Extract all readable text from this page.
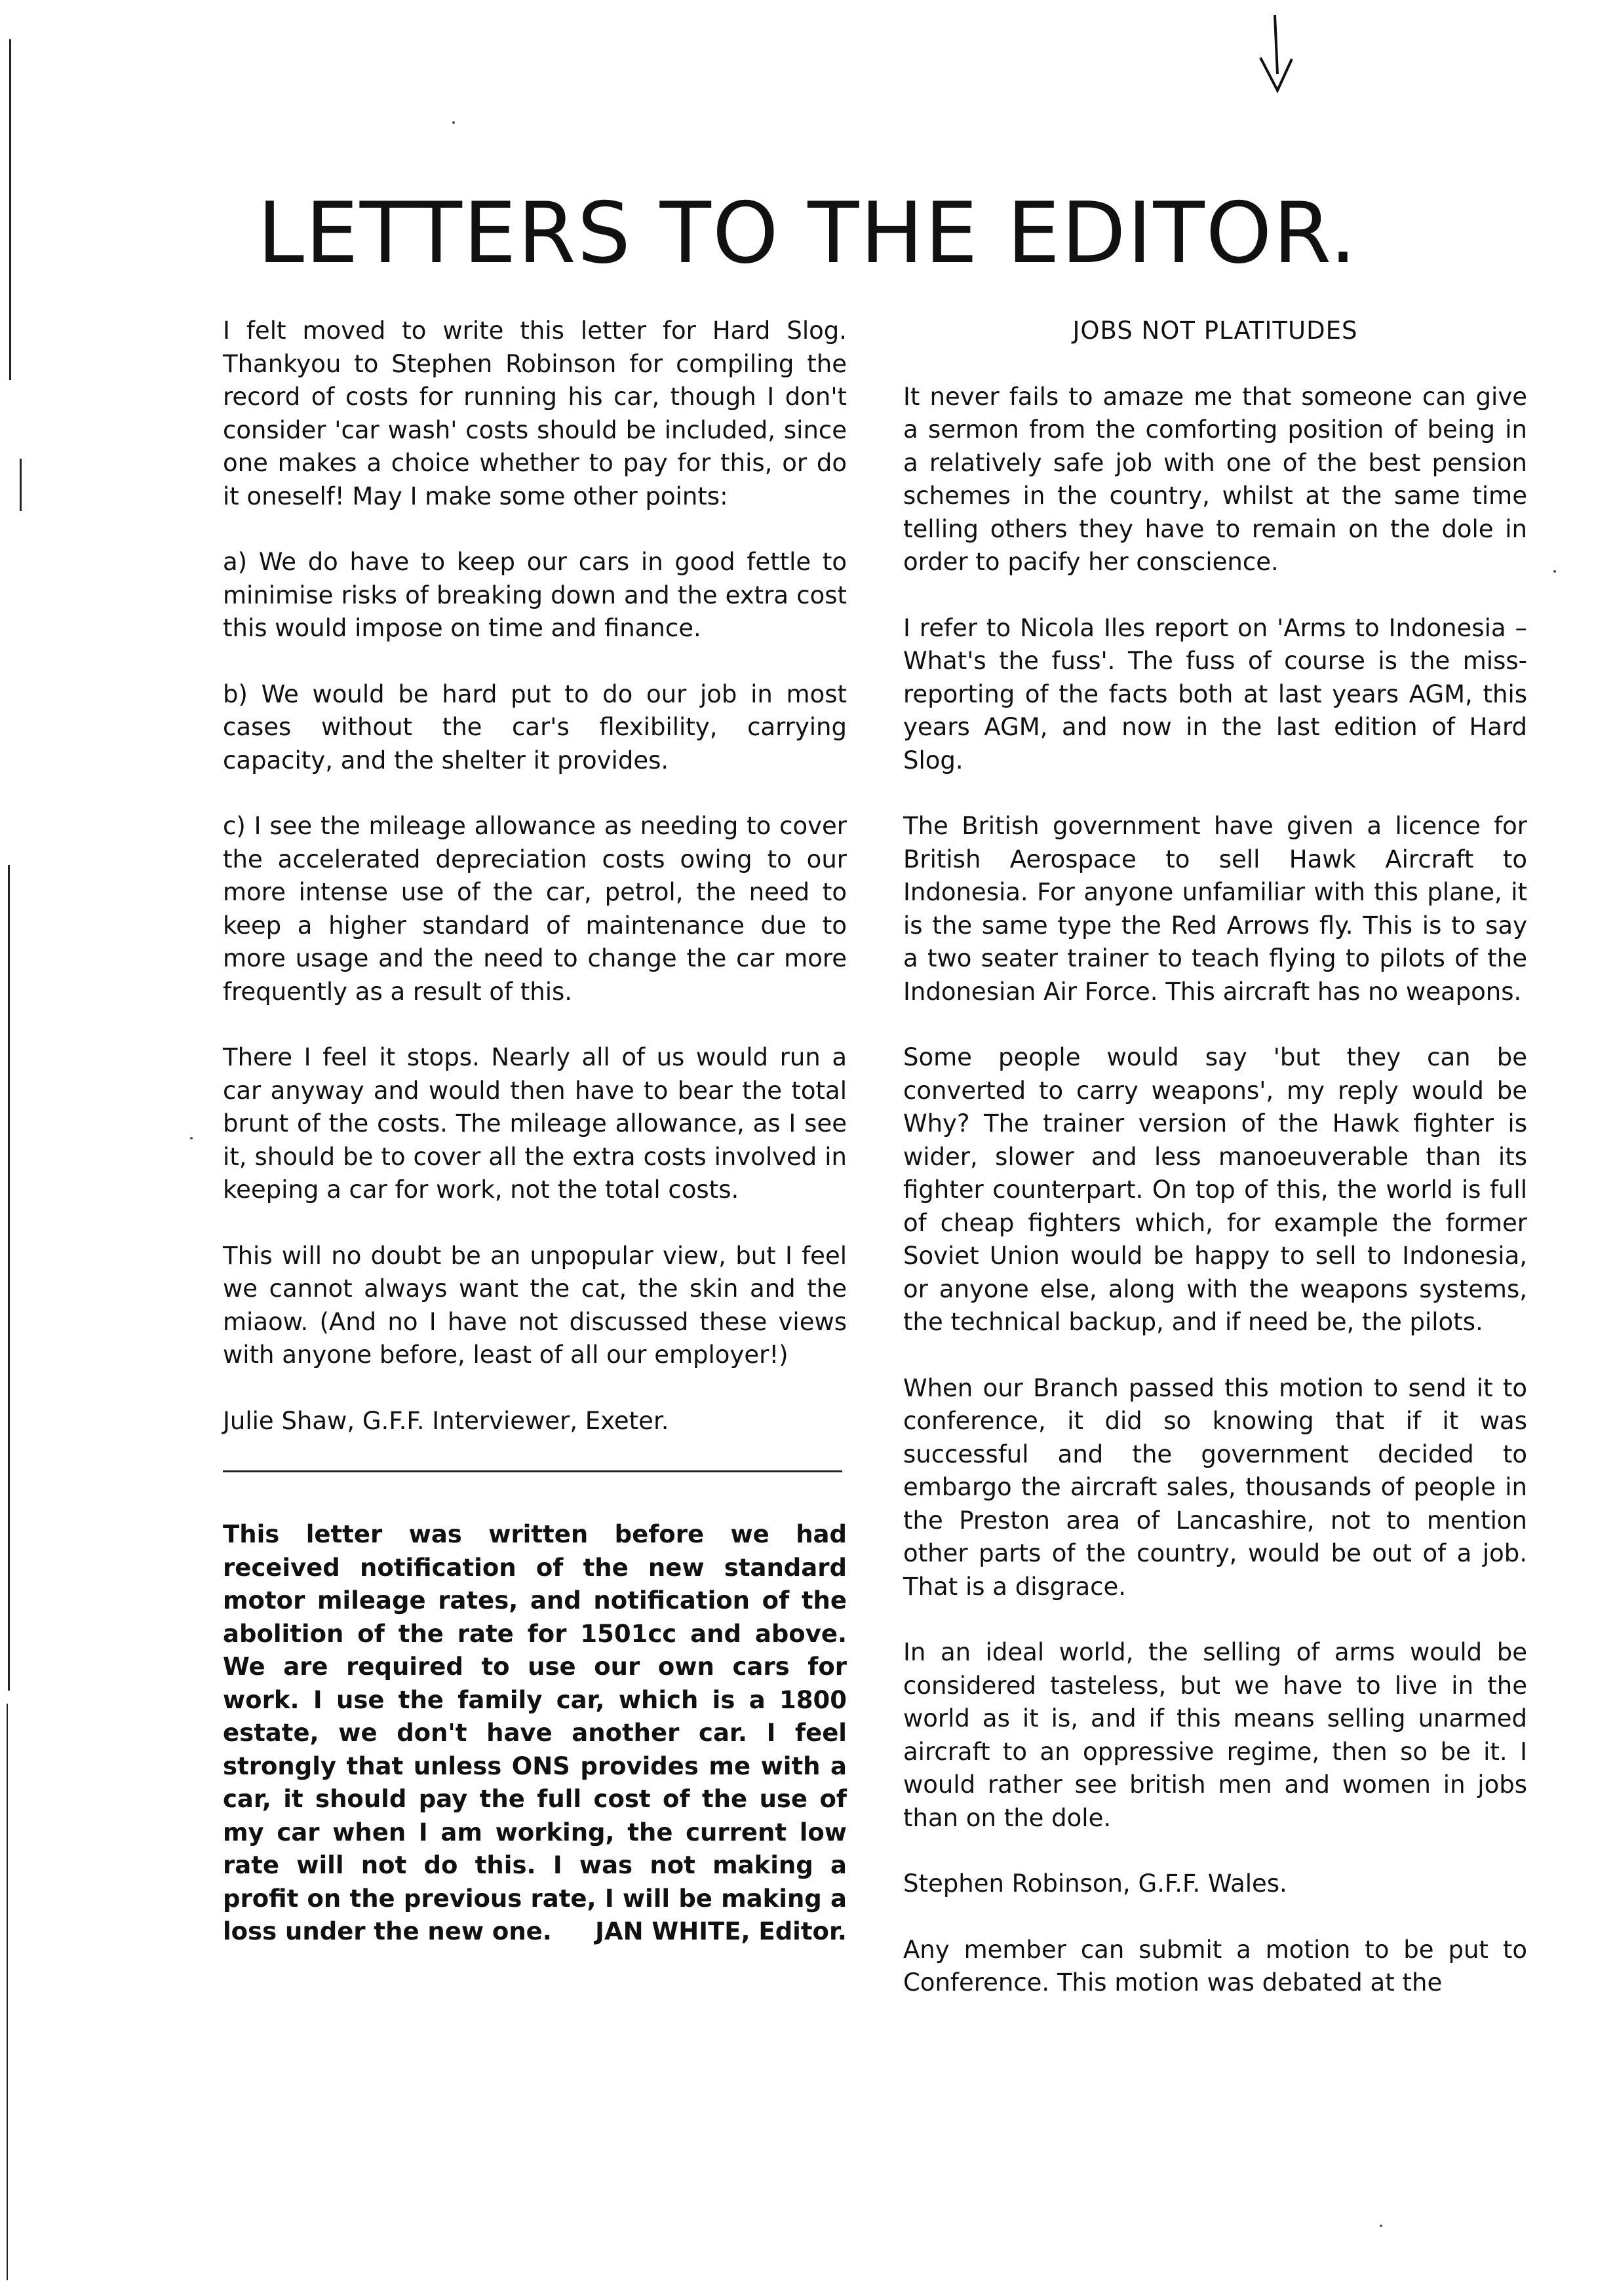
LETTERS TO THE EDITOR.

I felt moved to write this letter for Hard Slog. Thankyou to Stephen Robinson for compiling the record of costs for running his car, though I don't consider 'car wash' costs should be included, since one makes a choice whether to pay for this, or do it oneself! May I make some other points:

a) We do have to keep our cars in good fettle to minimise risks of breaking down and the extra cost this would impose on time and finance.

b) We would be hard put to do our job in most cases without the car's flexibility, carrying capacity, and the shelter it provides.

c) I see the mileage allowance as needing to cover the accelerated depreciation costs owing to our more intense use of the car, petrol, the need to keep a higher standard of maintenance due to more usage and the need to change the car more frequently as a result of this.

There I feel it stops. Nearly all of us would run a car anyway and would then have to bear the total brunt of the costs. The mileage allowance, as I see it, should be to cover all the extra costs involved in keeping a car for work, not the total costs.

This will no doubt be an unpopular view, but I feel we cannot always want the cat, the skin and the miaow. (And no I have not discussed these views with anyone before, least of all our employer!)

Julie Shaw, G.F.F. Interviewer, Exeter.

This letter was written before we had received notification of the new standard motor mileage rates, and notification of the abolition of the rate for 1501cc and above. We are required to use our own cars for work. I use the family car, which is a 1800 estate, we don't have another car. I feel strongly that unless ONS provides me with a car, it should pay the full cost of the use of my car when I am working, the current low rate will not do this. I was not making a profit on the previous rate, I will be making a loss under the new one. JAN WHITE, Editor.

JOBS NOT PLATITUDES

It never fails to amaze me that someone can give a sermon from the comforting position of being in a relatively safe job with one of the best pension schemes in the country, whilst at the same time telling others they have to remain on the dole in order to pacify her conscience.

I refer to Nicola Iles report on 'Arms to Indonesia – What's the fuss'. The fuss of course is the miss-reporting of the facts both at last years AGM, this years AGM, and now in the last edition of Hard Slog.

The British government have given a licence for British Aerospace to sell Hawk Aircraft to Indonesia. For anyone unfamiliar with this plane, it is the same type the Red Arrows fly. This is to say a two seater trainer to teach flying to pilots of the Indonesian Air Force. This aircraft has no weapons.

Some people would say 'but they can be converted to carry weapons', my reply would be Why? The trainer version of the Hawk fighter is wider, slower and less manoeuverable than its fighter counterpart. On top of this, the world is full of cheap fighters which, for example the former Soviet Union would be happy to sell to Indonesia, or anyone else, along with the weapons systems, the technical backup, and if need be, the pilots.

When our Branch passed this motion to send it to conference, it did so knowing that if it was successful and the government decided to embargo the aircraft sales, thousands of people in the Preston area of Lancashire, not to mention other parts of the country, would be out of a job. That is a disgrace.

In an ideal world, the selling of arms would be considered tasteless, but we have to live in the world as it is, and if this means selling unarmed aircraft to an oppressive regime, then so be it. I would rather see british men and women in jobs than on the dole.

Stephen Robinson, G.F.F. Wales.

Any member can submit a motion to be put to Conference. This motion was debated at the
